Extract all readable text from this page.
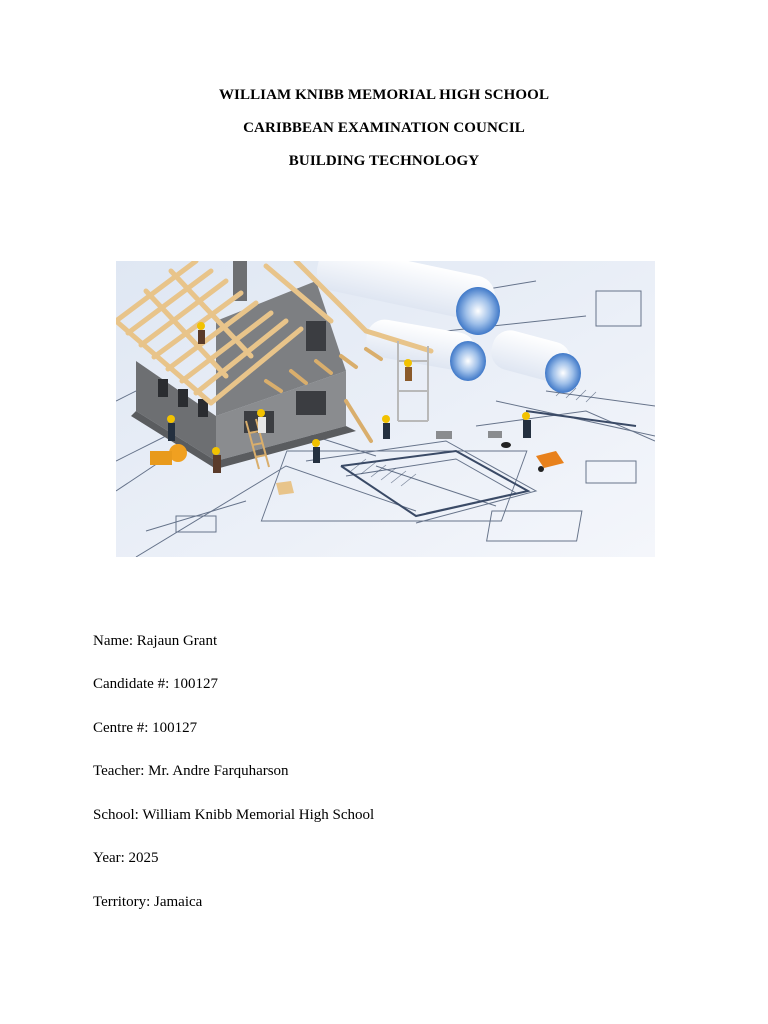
WILLIAM KNIBB MEMORIAL HIGH SCHOOL
CARIBBEAN EXAMINATION COUNCIL
BUILDING TECHNOLOGY
Name: Rajaun Grant
Candidate #: 100127
Centre #: 100127
Teacher: Mr. Andre Farquharson
School: William Knibb Memorial High School
Year: 2025
Territory: Jamaica
